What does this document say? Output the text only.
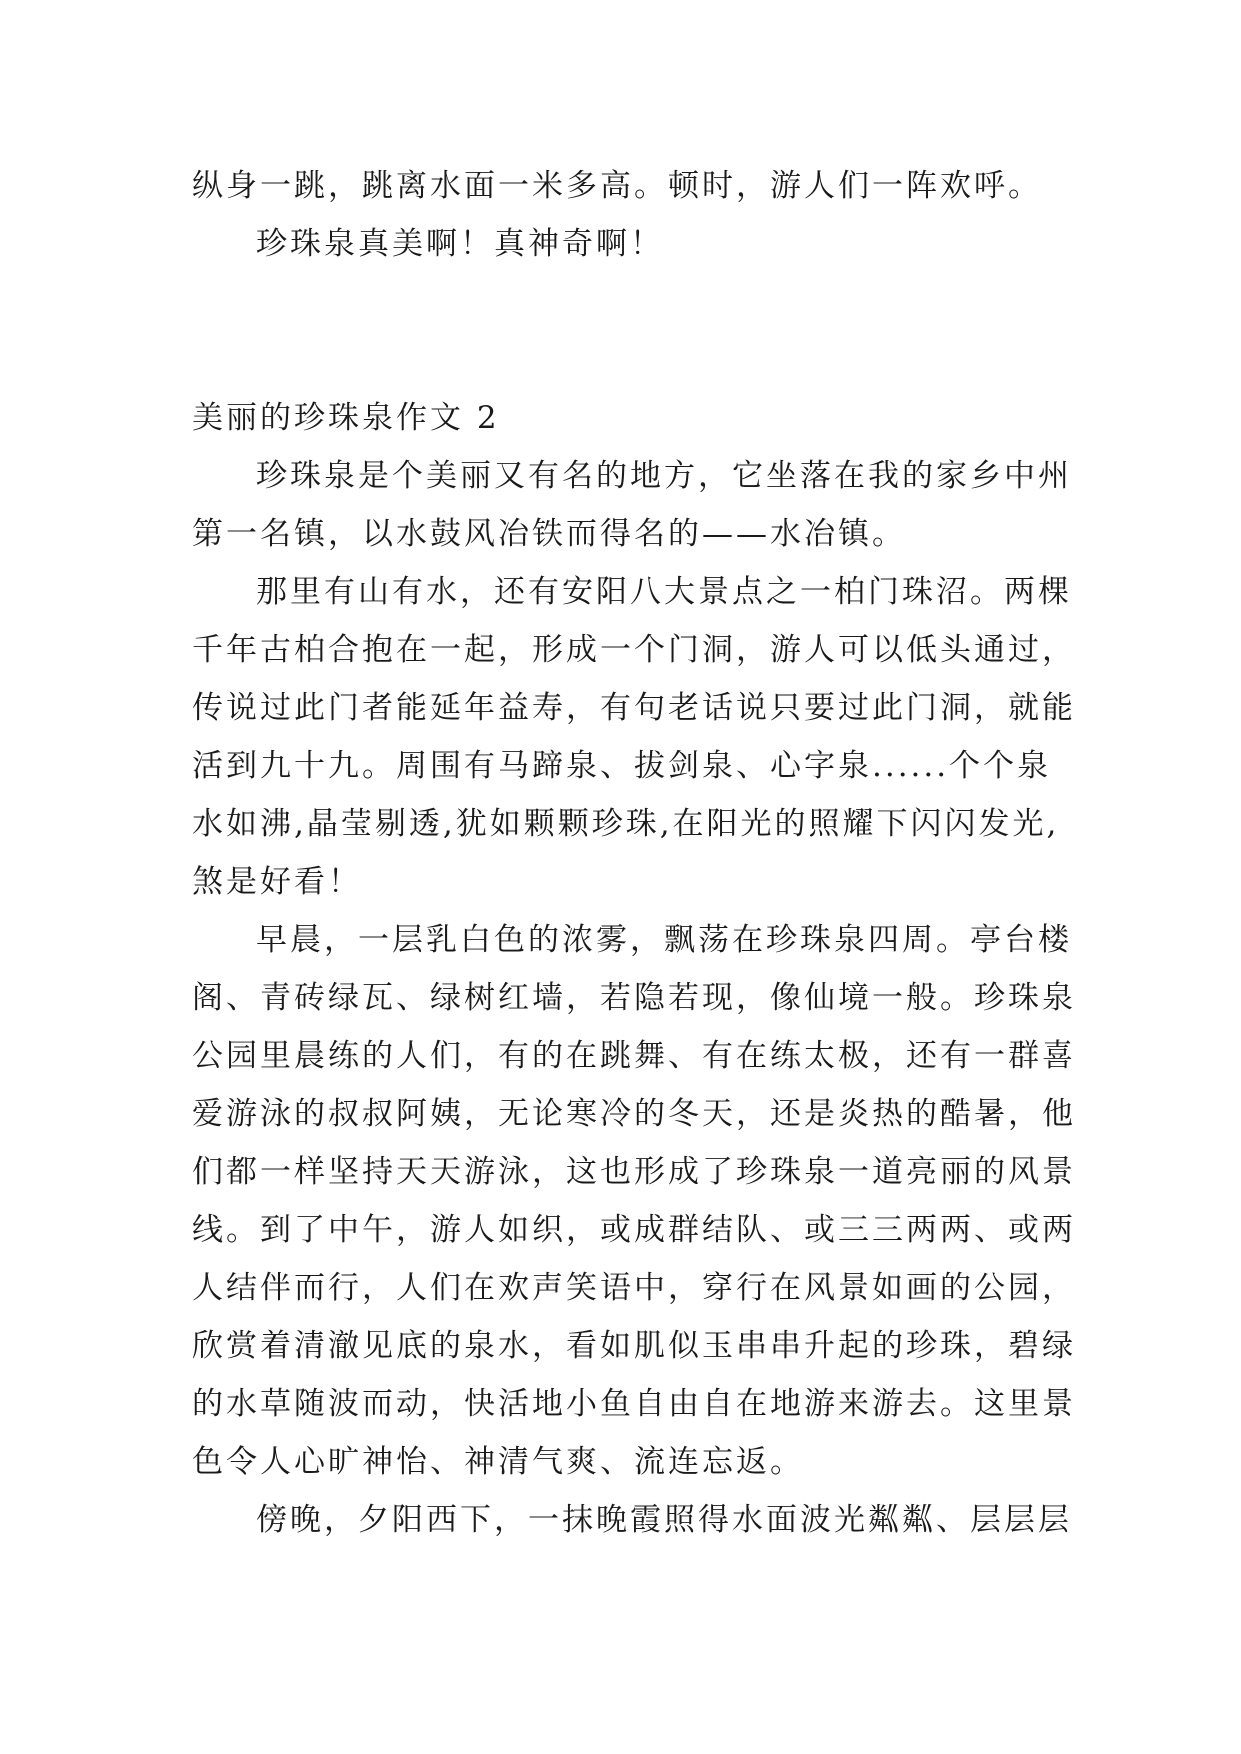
纵身一跳，跳离水面一米多高。顿时，游人们一阵欢呼。
珍珠泉真美啊！真神奇啊！
美丽的珍珠泉作文 2
珍珠泉是个美丽又有名的地方，它坐落在我的家乡中州
第一名镇，以水鼓风冶铁而得名的——水冶镇。
那里有山有水，还有安阳八大景点之一柏门珠沼。两棵
千年古柏合抱在一起，形成一个门洞，游人可以低头通过，
传说过此门者能延年益寿，有句老话说只要过此门洞，就能
活到九十九。周围有马蹄泉、拔剑泉、心字泉......个个泉
水如沸,晶莹剔透,犹如颗颗珍珠,在阳光的照耀下闪闪发光,
煞是好看！
早晨，一层乳白色的浓雾，飘荡在珍珠泉四周。亭台楼
阁、青砖绿瓦、绿树红墙，若隐若现，像仙境一般。珍珠泉
公园里晨练的人们，有的在跳舞、有在练太极，还有一群喜
爱游泳的叔叔阿姨，无论寒冷的冬天，还是炎热的酷暑，他
们都一样坚持天天游泳，这也形成了珍珠泉一道亮丽的风景
线。到了中午，游人如织，或成群结队、或三三两两、或两
人结伴而行，人们在欢声笑语中，穿行在风景如画的公园，
欣赏着清澈见底的泉水，看如肌似玉串串升起的珍珠，碧绿
的水草随波而动，快活地小鱼自由自在地游来游去。这里景
色令人心旷神怡、神清气爽、流连忘返。
傍晚，夕阳西下，一抹晚霞照得水面波光粼粼、层层层
